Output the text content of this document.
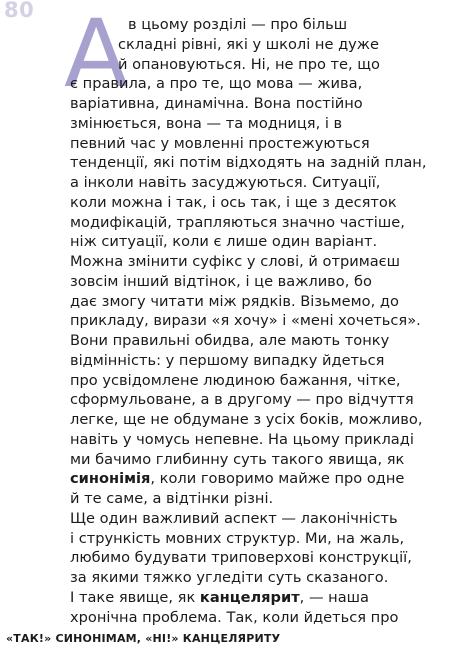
80 А в цьому розділі — про більш
складні рівні, які у школі не дуже
й опановуються. Ні, не про те, що
є правила, а про те, що мова — жива,
варіативна, динамічна. Вона постійно
змінюється, вона — та модниця, і в
певний час у мовленні простежуються
тенденції, які потім відходять на задній план,
а інколи навіть засуджуються. Ситуації,
коли можна і так, і ось так, і ще з десяток
модифікацій, трапляються значно частіше,
ніж ситуації, коли є лише один варіант.
Можна змінити суфікс у слові, й отримаєш
зовсім інший відтінок, і це важливо, бо
дає змогу читати між рядків. Візьмемо, до
прикладу, вирази «я хочу» і «мені хочеться».
Вони правильні обидва, але мають тонку
відмінність: у першому випадку йдеться
про усвідомлене людиною бажання, чітке,
сформульоване, а в другому — про відчуття
легке, ще не обдумане з усіх боків, можливо,
навіть у чомусь непевне. На цьому прикладі
ми бачимо глибинну суть такого явища, як
синонімія, коли говоримо майже про одне
й те саме, а відтінки різні.
Ще один важливий аспект — лаконічність
і стрункість мовних структур. Ми, на жаль,
любимо будувати триповерхові конструкції,
за якими тяжко угледіти суть сказаного.
І таке явище, як канцелярит, — наша
хронічна проблема. Так, коли йдеться про
«ТАК!» СИНОНІМАМ, «НІ!» КАНЦЕЛЯРИТУ
